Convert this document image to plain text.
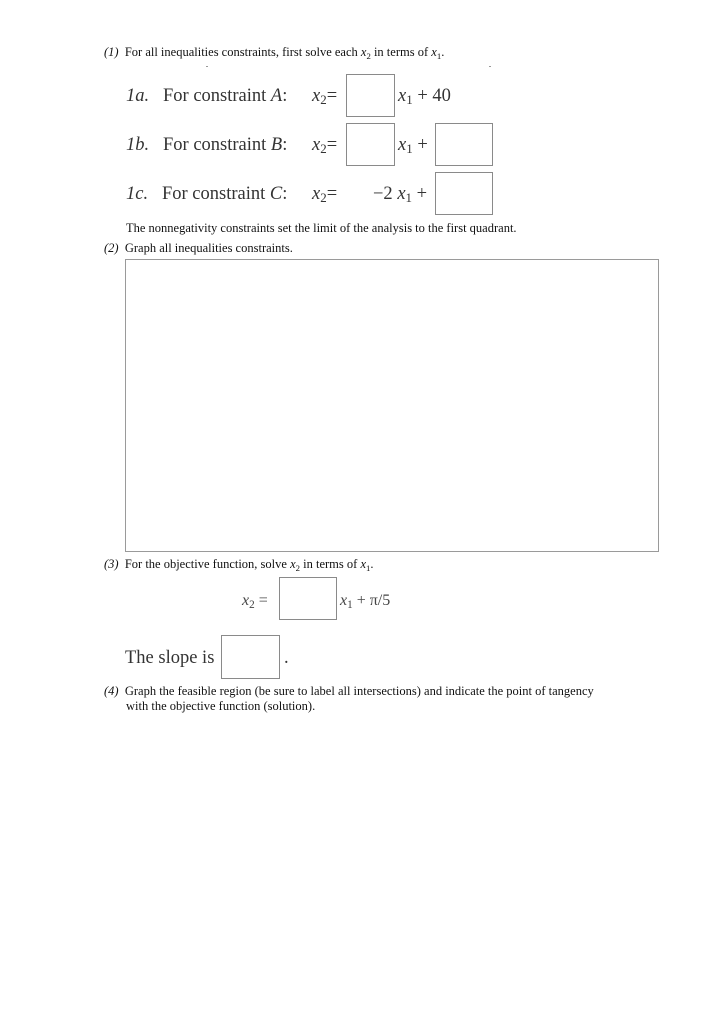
(1) For all inequalities constraints, first solve each $x_2$ in terms of $x_1$.
1a. For constraint A: $x_2=$	$x_1 + 40$
1b. For constraint B: $x_2=$	$x_1$ +
1c. For constraint C: $x_2= -2$ $x_1$ +
The nonnegativity constraints set the limit of the analysis to the first quadrant.
(2) Graph all inequalities constraints.
(3) For the objective function, solve $x_2$ in terms of $x_1$.
$x_2$ =	$x_1 + \pi/5$
The slope is	.
(4) Graph the feasible region (be sure to label all intersections) and indicate the point of tangency
with the objective function (solution).
